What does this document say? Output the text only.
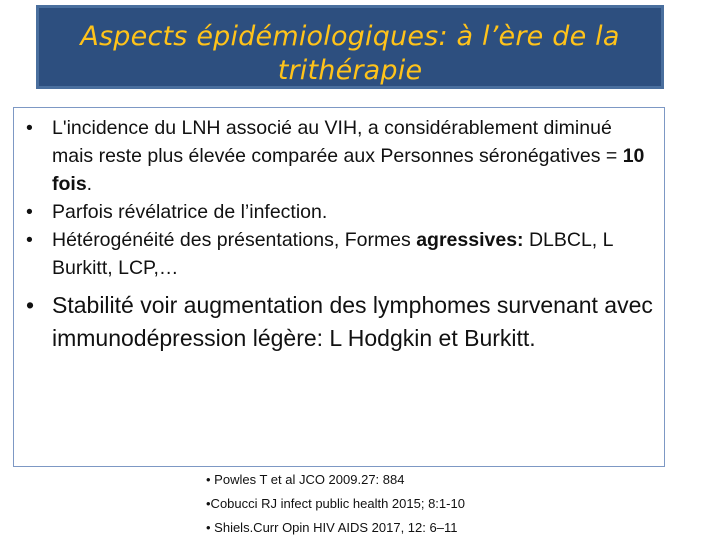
Aspects épidémiologiques: à l’ère de la
trithérapie
• L'incidence du LNH associé au VIH, a considérablement diminué mais reste plus élevée comparée aux Personnes séronégatives = 10 fois.
• Parfois révélatrice de l’infection.
• Hétérogénéité des présentations, Formes agressives: DLBCL, L Burkitt, LCP,…
• Stabilité voir augmentation des lymphomes survenant avec immunodépression légère: L Hodgkin et Burkitt.
• Powles T et al JCO 2009.27: 884
•Cobucci RJ infect public health 2015; 8:1-10
• Shiels.Curr Opin HIV AIDS 2017, 12: 6–11
